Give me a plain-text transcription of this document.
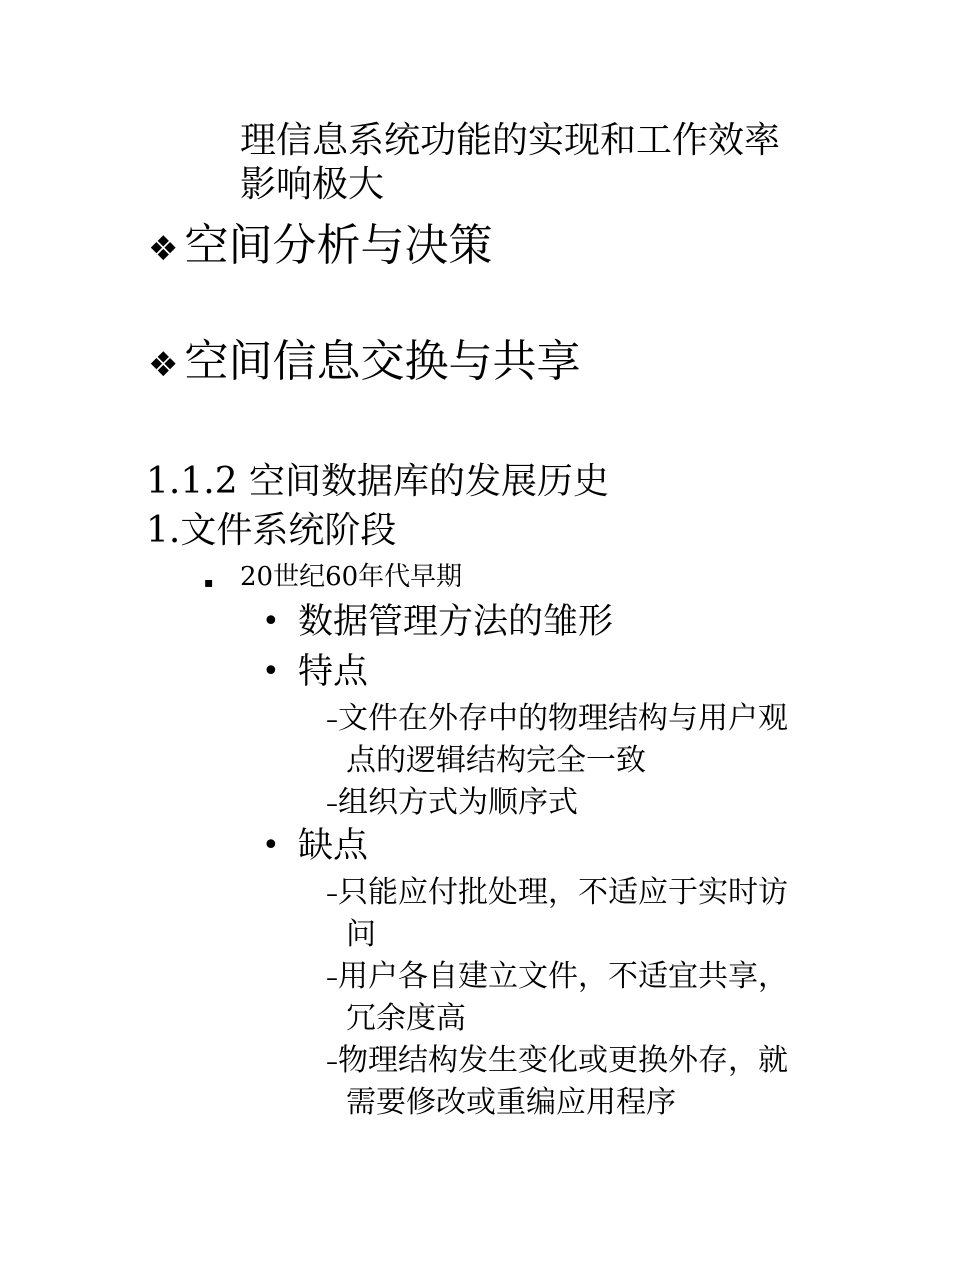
理信息系统功能的实现和工作效率
影响极大
❖ 空间分析与决策
❖ 空间信息交换与共享
1.1.2 空间数据库的发展历史
1.文件系统阶段
▪ 20世纪60年代早期
• 数据管理方法的雏形
• 特点
–文件在外存中的物理结构与用户观
点的逻辑结构完全一致
–组织方式为顺序式
• 缺点
–只能应付批处理，不适应于实时访
问
–用户各自建立文件，不适宜共享，
冗余度高
–物理结构发生变化或更换外存，就
需要修改或重编应用程序
